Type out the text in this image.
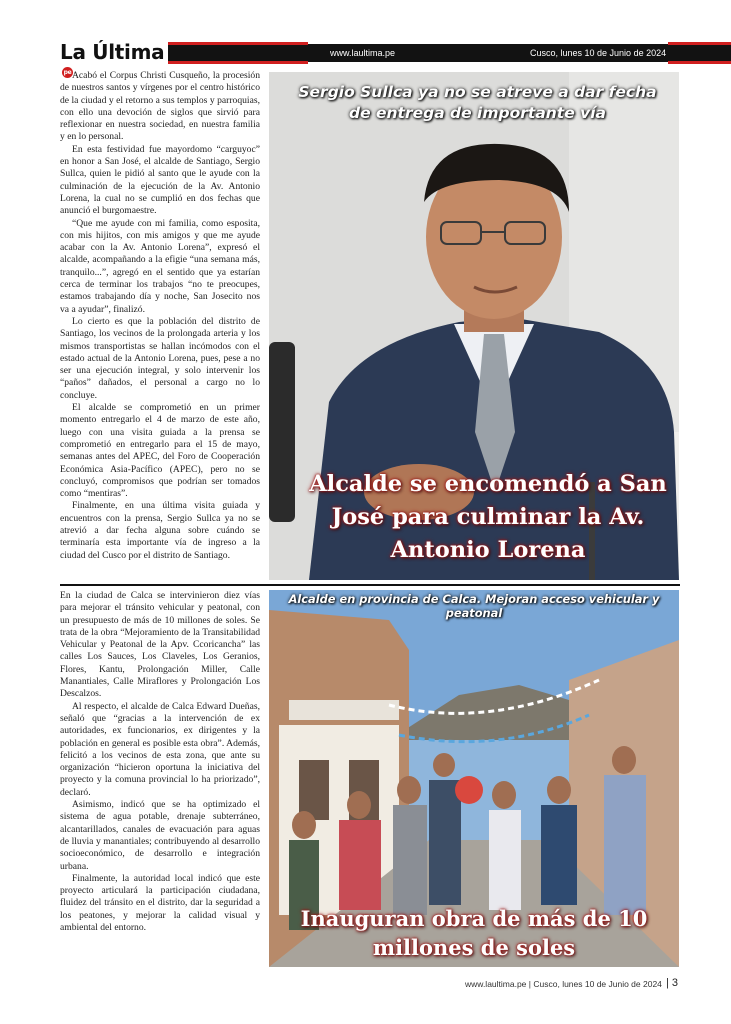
La Últimape
www.laultima.pe	Cusco, lunes 10 de Junio de 2024

Acabó el Corpus Christi Cusqueño, la procesión de nuestros santos y vírgenes por el centro histórico de la ciudad y el retorno a sus templos y parroquias, con ello una devoción de siglos que sirvió para reflexionar en nuestra sociedad, en nuestra familia y en lo personal.

En esta festividad fue mayordomo “carguyoc” en honor a San José, el alcalde de Santiago, Sergio Sullca, quien le pidió al santo que le ayude con la culminación de la ejecución de la Av. Antonio Lorena, la cual no se cumplió en dos fechas que anunció el burgomaestre.

“Que me ayude con mi familia, como esposita, con mis hijitos, con mis amigos y que me ayude acabar con la Av. Antonio Lorena”, expresó el alcalde, acompañando a la efigie “una semana más, tranquilo...”, agregó en el sentido que ya estarían cerca de terminar los trabajos “no te preocupes, estamos trabajando día y noche, San Josecito nos va a ayudar”, finalizó.

Lo cierto es que la población del distrito de Santiago, los vecinos de la prolongada arteria y los mismos transportistas se hallan incómodos con el estado actual de la Antonio Lorena, pues, pese a no ser una ejecución integral, y solo intervenir los “paños” dañados, el personal a cargo no lo concluye.

El alcalde se comprometió en un primer momento entregarlo el 4 de marzo de este año, luego con una visita guiada a la prensa se comprometió en entregarlo para el 15 de mayo, semanas antes del APEC, del Foro de Cooperación Económica Asia-Pacífico (APEC), pero no se concluyó, compromisos que podrían ser tomados como “mentiras”.

Finalmente, en una última visita guiada y encuentros con la prensa, Sergio Sullca ya no se atrevió a dar fecha alguna sobre cuándo se terminaría esta importante vía de ingreso a la ciudad del Cusco por el distrito de Santiago.

Sergio Sullca ya no se atreve a dar fecha de entrega de importante vía
Alcalde se encomendó a San José para culminar la Av. Antonio Lorena

En la ciudad de Calca se intervinieron diez vías para mejorar el tránsito vehicular y peatonal, con un presupuesto de más de 10 millones de soles. Se trata de la obra “Mejoramiento de la Transitabilidad Vehicular y Peatonal de la Apv. Ccoricancha” las calles Los Sauces, Los Claveles, Los Geranios, Flores, Kantu, Prolongación Miller, Calle Manantiales, Calle Miraflores y Prolongación Los Descalzos.

Al respecto, el alcalde de Calca Edward Dueñas, señaló que “gracias a la intervención de ex autoridades, ex funcionarios, ex dirigentes y la población en general es posible esta obra”. Además, felicitó a los vecinos de esta zona, que ante su organización “hicieron oportuna la iniciativa del proyecto y la comuna provincial lo ha priorizado”, declaró.

Asimismo, indicó que se ha optimizado el sistema de agua potable, drenaje subterráneo, alcantarillados, canales de evacuación para aguas de lluvia y manantiales; contribuyendo al desarrollo socioeconómico, de desarrollo e integración urbana.

Finalmente, la autoridad local indicó que este proyecto articulará la participación ciudadana, fluidez del tránsito en el distrito, dar la seguridad a los peatones, y mejorar la calidad visual y ambiental del entorno.

Alcalde en provincia de Calca. Mejoran acceso vehicular y peatonal
Inauguran obra de más de 10 millones de soles
www.laultima.pe | Cusco, lunes 10 de Junio de 2024 | 3
